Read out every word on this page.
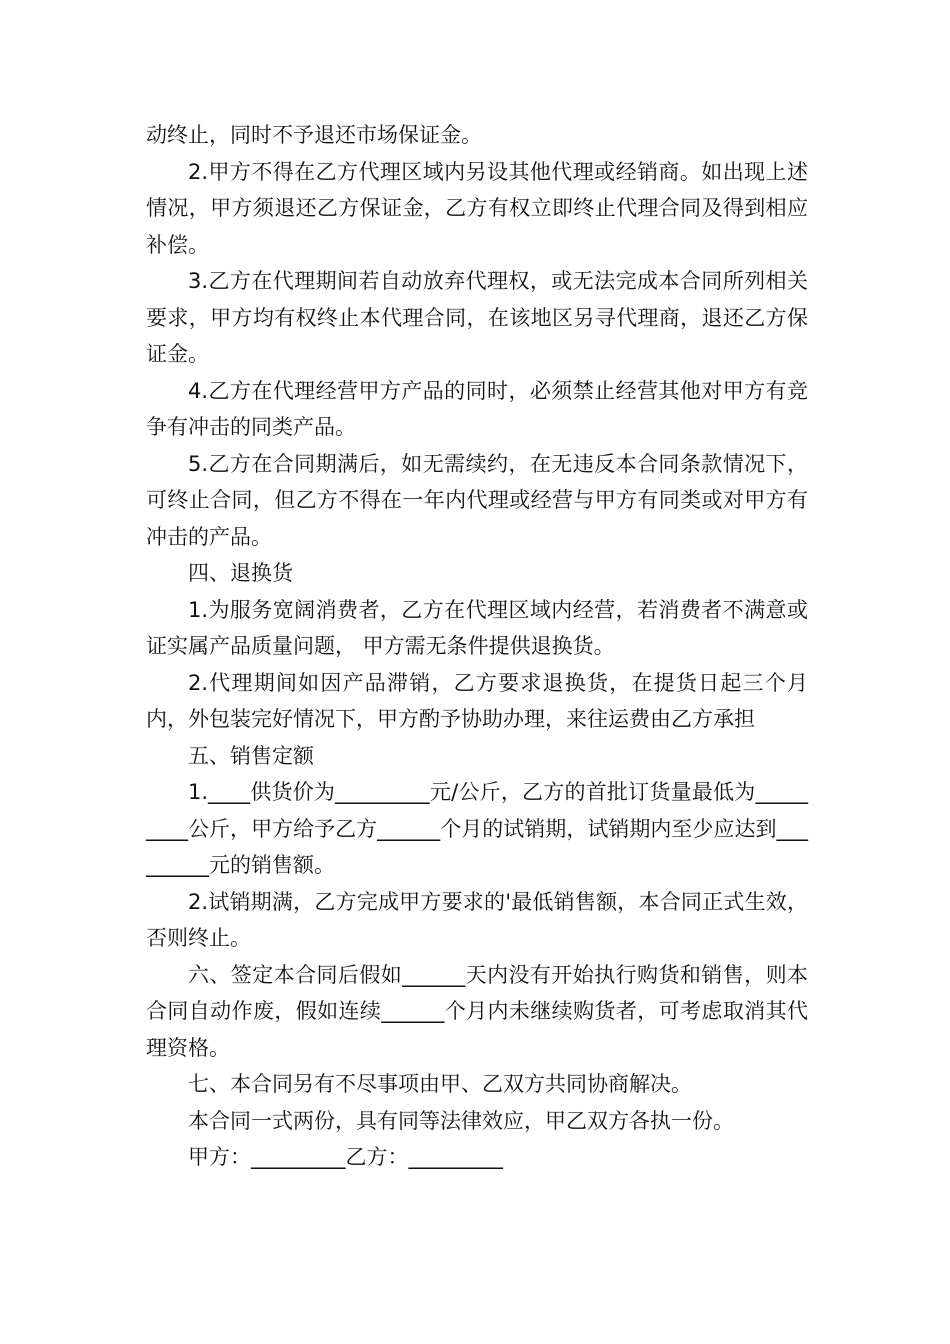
动终止，同时不予退还市场保证金。

2.甲方不得在乙方代理区域内另设其他代理或经销商。如出现上述情况，甲方须退还乙方保证金，乙方有权立即终止代理合同及得到相应补偿。

3.乙方在代理期间若自动放弃代理权，或无法完成本合同所列相关要求，甲方均有权终止本代理合同，在该地区另寻代理商，退还乙方保证金。

4.乙方在代理经营甲方产品的同时，必须禁止经营其他对甲方有竞争有冲击的同类产品。

5.乙方在合同期满后，如无需续约，在无违反本合同条款情况下，可终止合同，但乙方不得在一年内代理或经营与甲方有同类或对甲方有冲击的产品。

四、退换货

1.为服务宽阔消费者，乙方在代理区域内经营，若消费者不满意或证实属产品质量问题， 甲方需无条件提供退换货。

2.代理期间如因产品滞销，乙方要求退换货，在提货日起三个月内，外包装完好情况下，甲方酌予协助办理，来往运费由乙方承担

五、销售定额

1.____供货价为_________元/公斤，乙方的首批订货量最低为_________公斤，甲方给予乙方______个月的试销期，试销期内至少应达到_________元的销售额。

2.试销期满，乙方完成甲方要求的'最低销售额，本合同正式生效，否则终止。

六、签定本合同后假如______天内没有开始执行购货和销售，则本合同自动作废，假如连续______个月内未继续购货者，可考虑取消其代理资格。

七、本合同另有不尽事项由甲、乙双方共同协商解决。

本合同一式两份，具有同等法律效应，甲乙双方各执一份。

甲方：_________乙方：_________
